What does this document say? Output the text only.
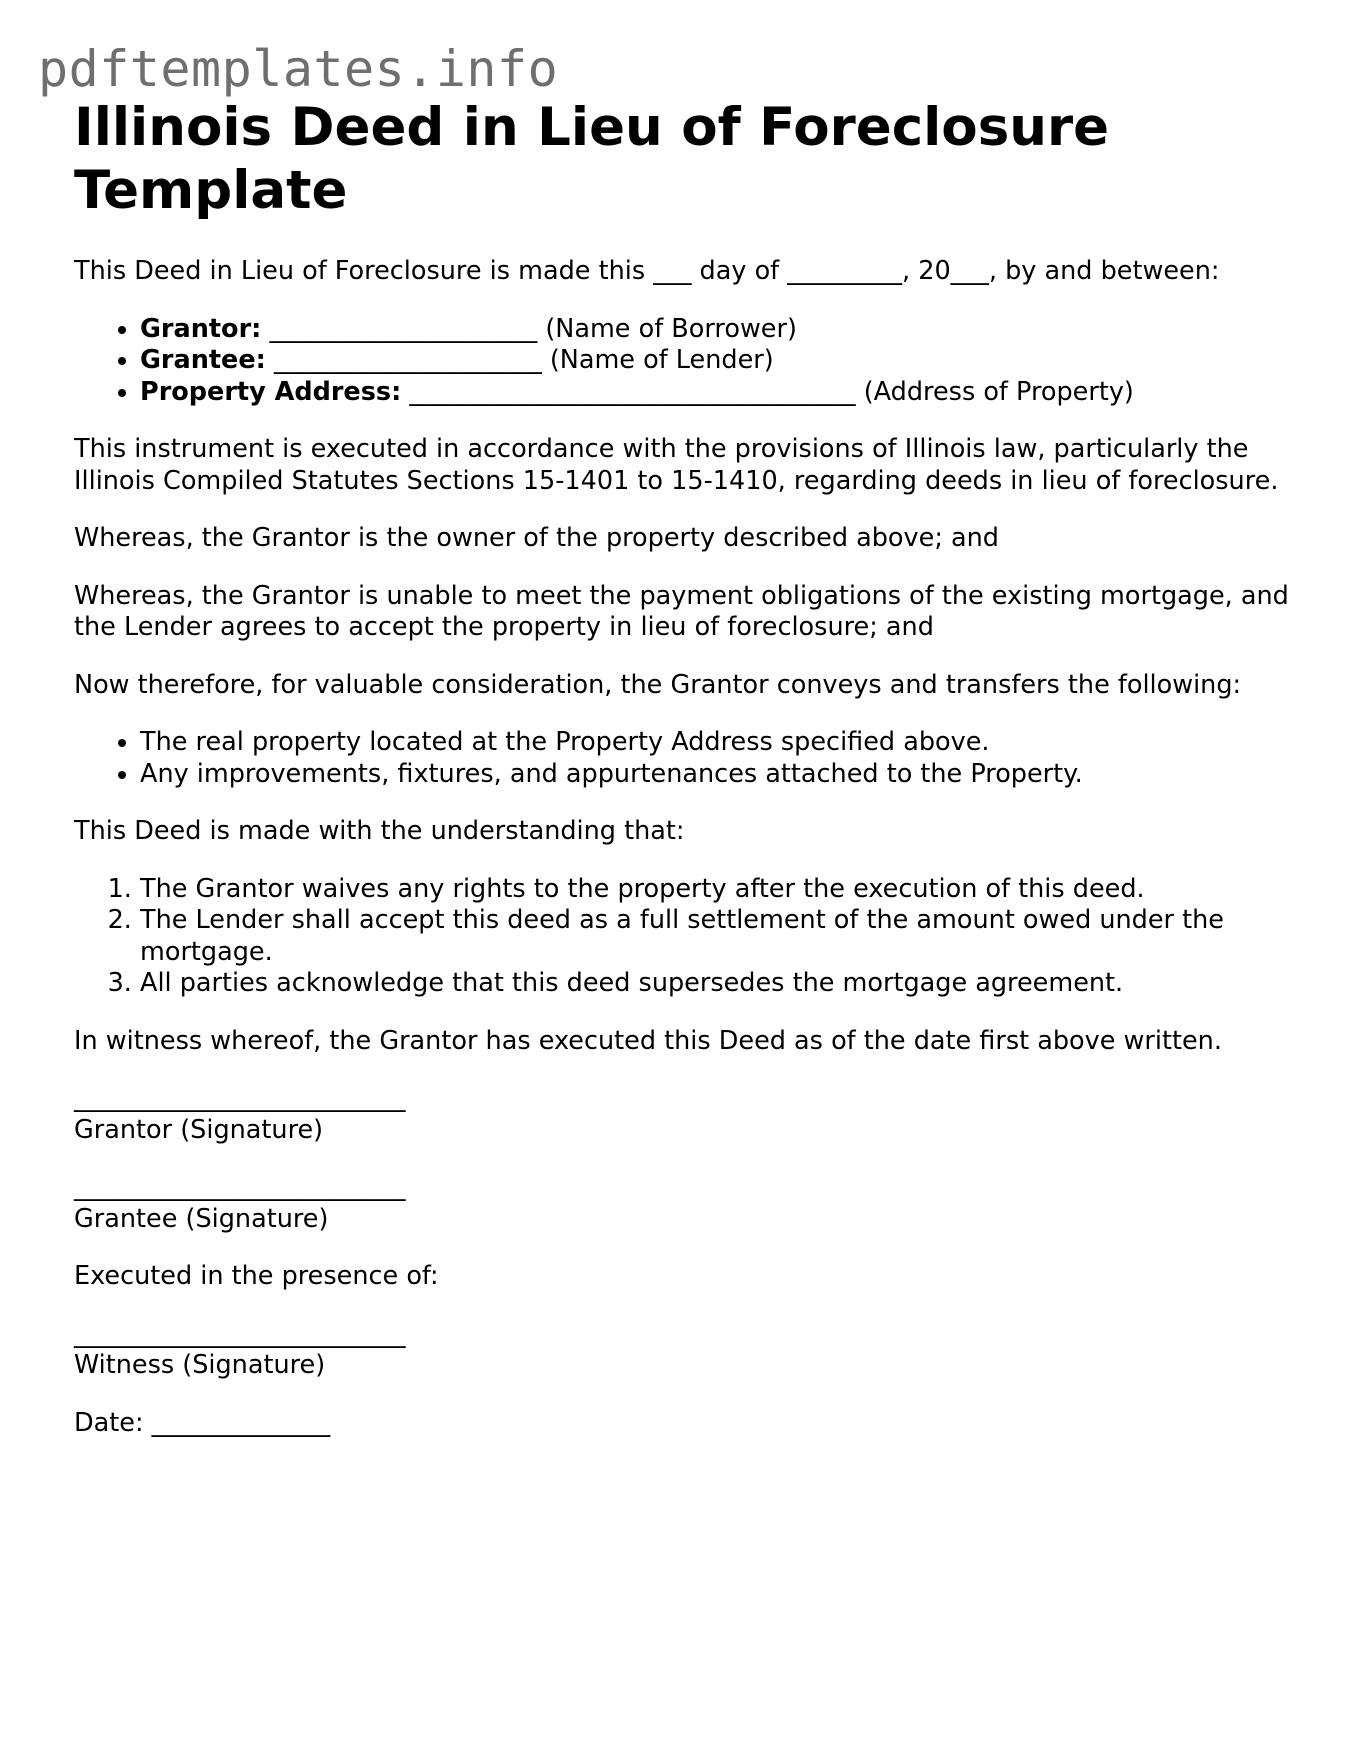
pdftemplates.info
Illinois Deed in Lieu of Foreclosure Template

This Deed in Lieu of Foreclosure is made this ___ day of _________, 20___, by and between:

• Grantor: _____________________ (Name of Borrower)
• Grantee: _____________________ (Name of Lender)
• Property Address: ___________________________________ (Address of Property)

This instrument is executed in accordance with the provisions of Illinois law, particularly the Illinois Compiled Statutes Sections 15-1401 to 15-1410, regarding deeds in lieu of foreclosure.

Whereas, the Grantor is the owner of the property described above; and

Whereas, the Grantor is unable to meet the payment obligations of the existing mortgage, and the Lender agrees to accept the property in lieu of foreclosure; and

Now therefore, for valuable consideration, the Grantor conveys and transfers the following:

• The real property located at the Property Address specified above.
• Any improvements, fixtures, and appurtenances attached to the Property.

This Deed is made with the understanding that:

1. The Grantor waives any rights to the property after the execution of this deed.
2. The Lender shall accept this deed as a full settlement of the amount owed under the mortgage.
3. All parties acknowledge that this deed supersedes the mortgage agreement.

In witness whereof, the Grantor has executed this Deed as of the date first above written.

__________________________

Grantor (Signature)

__________________________

Grantee (Signature)

Executed in the presence of:

__________________________

Witness (Signature)

Date: ______________
